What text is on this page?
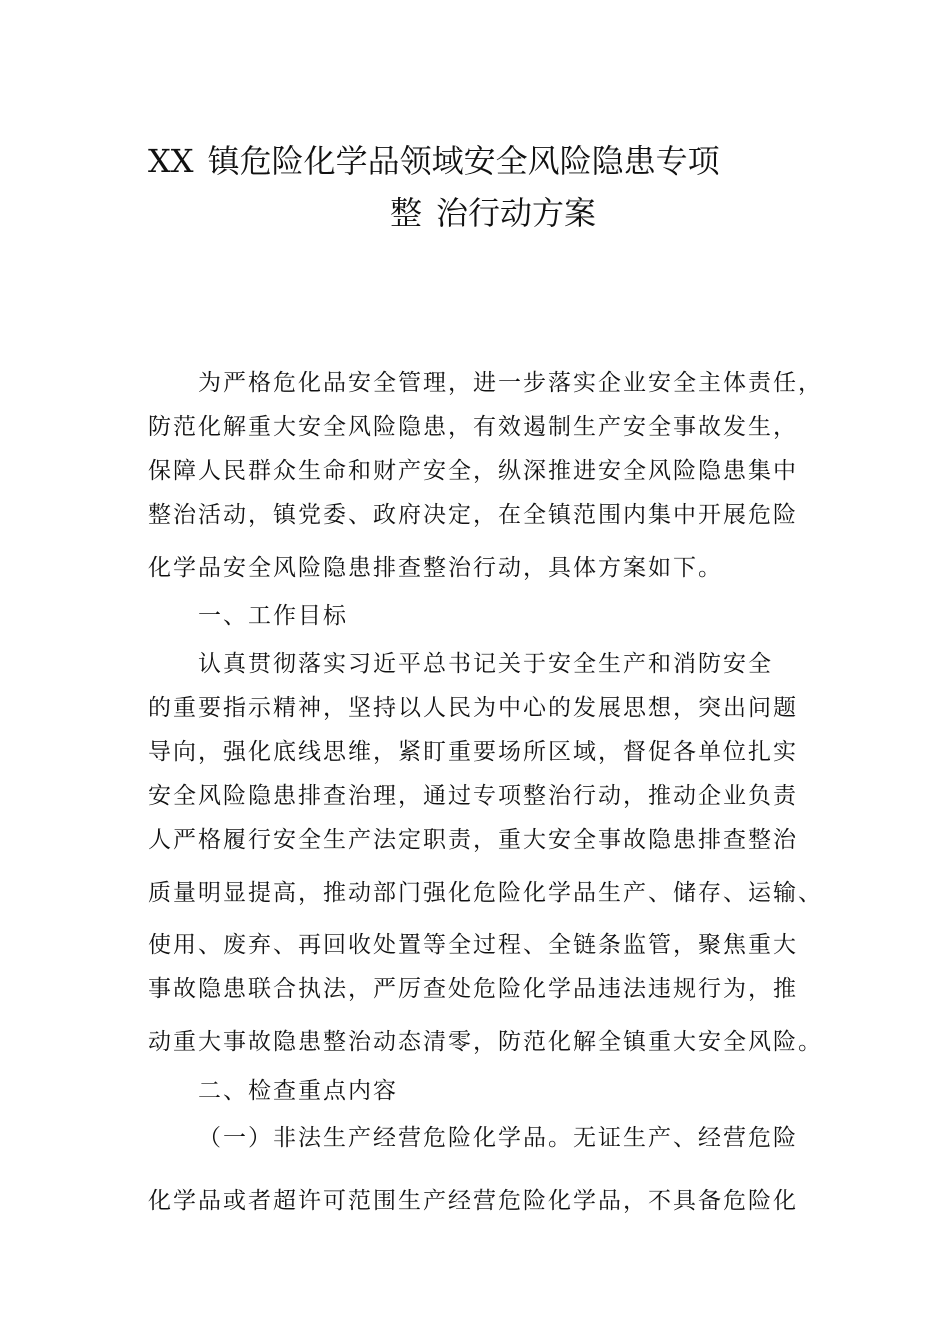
XX 镇危险化学品领域安全风险隐患专项
整 治行动方案
为严格危化品安全管理，进一步落实企业安全主体责任，
防范化解重大安全风险隐患，有效遏制生产安全事故发生，
保障人民群众生命和财产安全，纵深推进安全风险隐患集中
整治活动，镇党委、政府决定，在全镇范围内集中开展危险
化学品安全风险隐患排查整治行动，具体方案如下。
一、工作目标
认真贯彻落实习近平总书记关于安全生产和消防安全
的重要指示精神，坚持以人民为中心的发展思想，突出问题
导向，强化底线思维，紧盯重要场所区域，督促各单位扎实
安全风险隐患排查治理，通过专项整治行动，推动企业负责
人严格履行安全生产法定职责，重大安全事故隐患排查整治
质量明显提高，推动部门强化危险化学品生产、储存、运输、
使用、废弃、再回收处置等全过程、全链条监管，聚焦重大
事故隐患联合执法，严厉查处危险化学品违法违规行为，推
动重大事故隐患整治动态清零，防范化解全镇重大安全风险。
二、检查重点内容
（一）非法生产经营危险化学品。无证生产、经营危险
化学品或者超许可范围生产经营危险化学品，不具备危险化
